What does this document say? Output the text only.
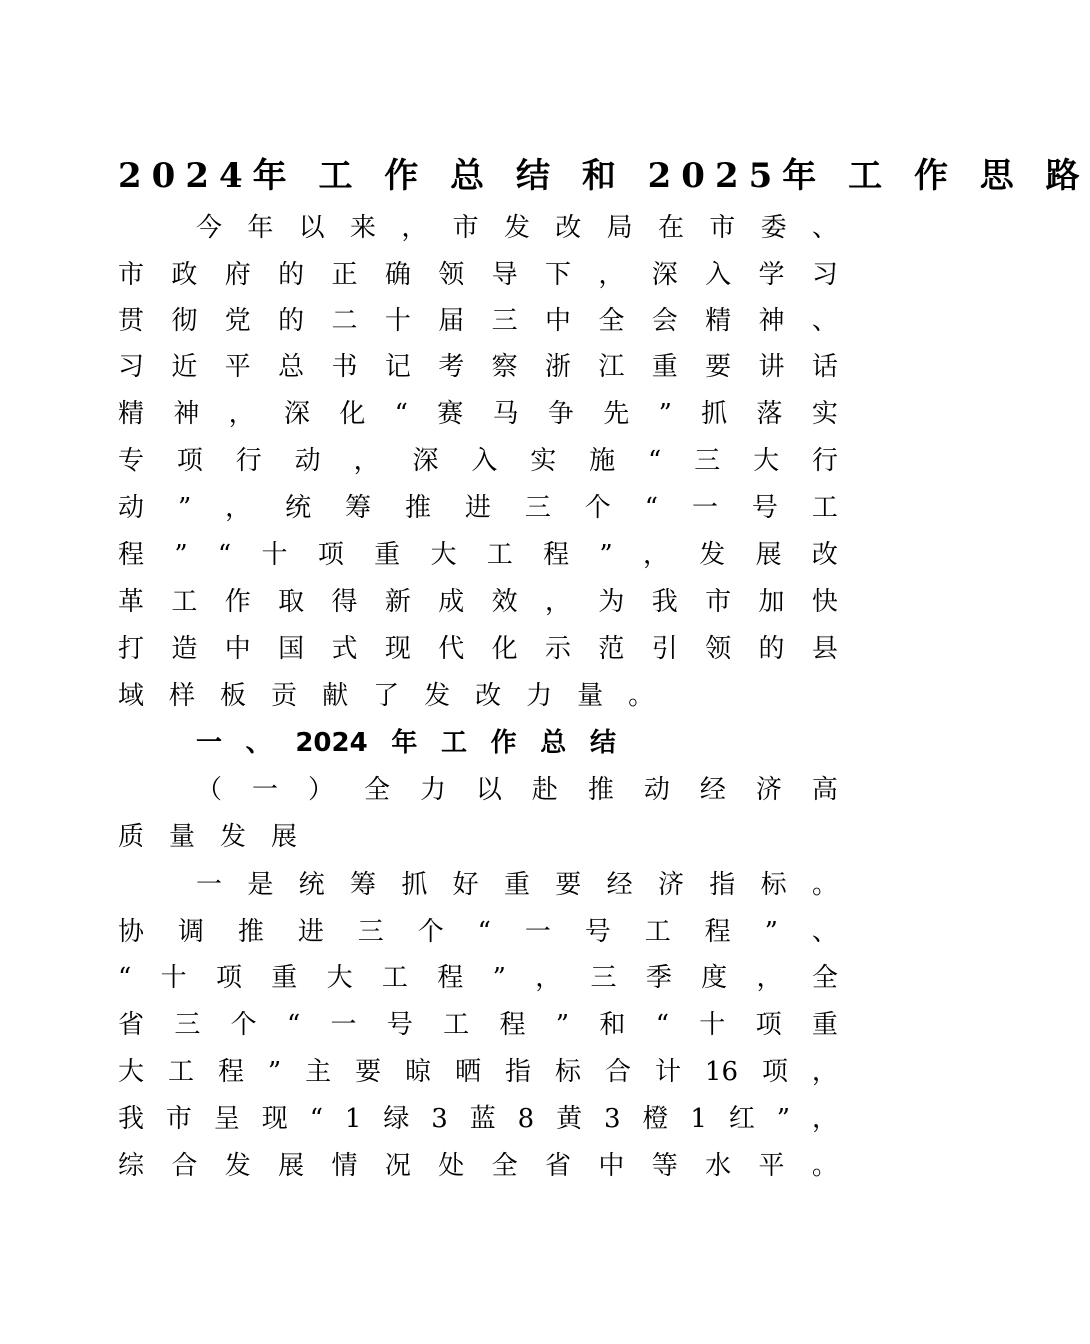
2024年 工 作 总 结 和 2025年 工 作 思 路
今 年 以 来 ， 市 发 改 局 在 市 委 、
市 政 府 的 正 确 领 导 下 ， 深 入 学 习
贯 彻 党 的 二 十 届 三 中 全 会 精 神 、
习 近 平 总 书 记 考 察 浙 江 重 要 讲 话
精 神 ， 深 化 “ 赛 马 争 先 ” 抓 落 实
专 项 行 动 ， 深 入 实 施 “ 三 大 行
动 ” ， 统 筹 推 进 三 个 “ 一 号 工
程 ” “ 十 项 重 大 工 程 ” ， 发 展 改
革 工 作 取 得 新 成 效 ， 为 我 市 加 快
打 造 中 国 式 现 代 化 示 范 引 领 的 县
域 样 板 贡 献 了 发 改 力 量 。
一 、 2024 年 工 作 总 结
（ 一 ） 全 力 以 赴 推 动 经 济 高
质 量 发 展
一 是 统 筹 抓 好 重 要 经 济 指 标 。
协 调 推 进 三 个 “ 一 号 工 程 ” 、
“ 十 项 重 大 工 程 ” ， 三 季 度 ， 全
省 三 个 “ 一 号 工 程 ” 和 “ 十 项 重
大 工 程 ” 主 要 晾 晒 指 标 合 计 16 项 ，
我 市 呈 现 “ 1 绿 3 蓝 8 黄 3 橙 1 红 ” ，
综 合 发 展 情 况 处 全 省 中 等 水 平 。
